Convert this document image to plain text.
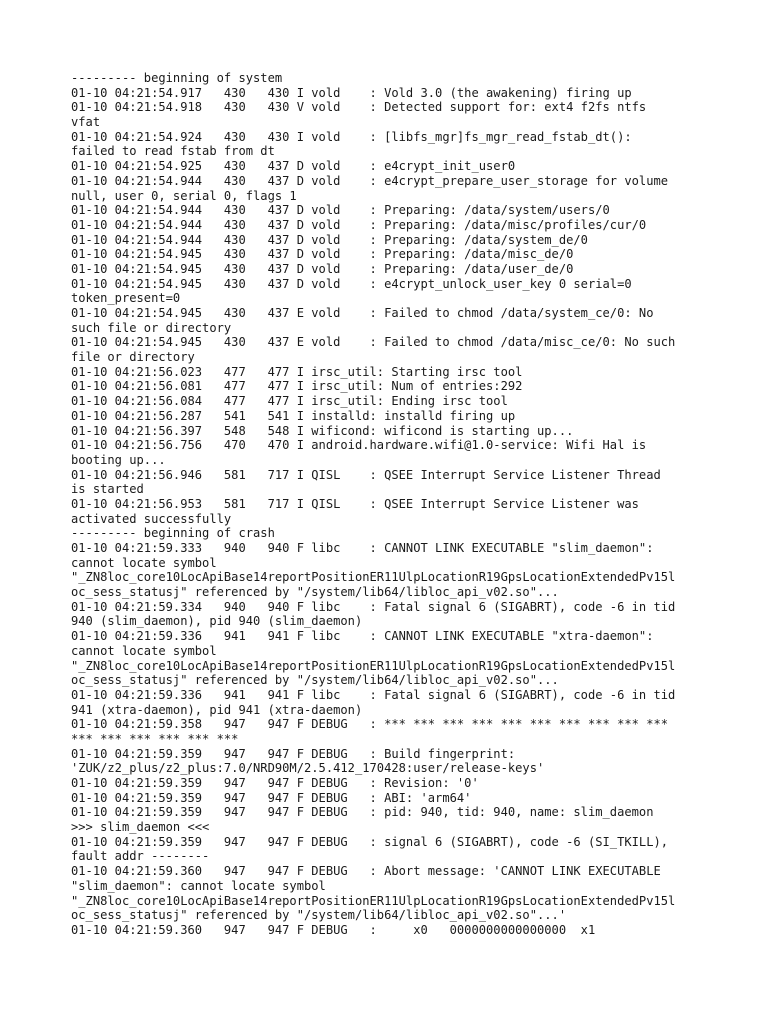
--------- beginning of system
01-10 04:21:54.917   430   430 I vold    : Vold 3.0 (the awakening) firing up
01-10 04:21:54.918   430   430 V vold    : Detected support for: ext4 f2fs ntfs
vfat
01-10 04:21:54.924   430   430 I vold    : [libfs_mgr]fs_mgr_read_fstab_dt():
failed to read fstab from dt
01-10 04:21:54.925   430   437 D vold    : e4crypt_init_user0
01-10 04:21:54.944   430   437 D vold    : e4crypt_prepare_user_storage for volume
null, user 0, serial 0, flags 1
01-10 04:21:54.944   430   437 D vold    : Preparing: /data/system/users/0
01-10 04:21:54.944   430   437 D vold    : Preparing: /data/misc/profiles/cur/0
01-10 04:21:54.944   430   437 D vold    : Preparing: /data/system_de/0
01-10 04:21:54.945   430   437 D vold    : Preparing: /data/misc_de/0
01-10 04:21:54.945   430   437 D vold    : Preparing: /data/user_de/0
01-10 04:21:54.945   430   437 D vold    : e4crypt_unlock_user_key 0 serial=0
token_present=0
01-10 04:21:54.945   430   437 E vold    : Failed to chmod /data/system_ce/0: No
such file or directory
01-10 04:21:54.945   430   437 E vold    : Failed to chmod /data/misc_ce/0: No such
file or directory
01-10 04:21:56.023   477   477 I irsc_util: Starting irsc tool
01-10 04:21:56.081   477   477 I irsc_util: Num of entries:292
01-10 04:21:56.084   477   477 I irsc_util: Ending irsc tool
01-10 04:21:56.287   541   541 I installd: installd firing up
01-10 04:21:56.397   548   548 I wificond: wificond is starting up...
01-10 04:21:56.756   470   470 I android.hardware.wifi@1.0-service: Wifi Hal is
booting up...
01-10 04:21:56.946   581   717 I QISL    : QSEE Interrupt Service Listener Thread
is started
01-10 04:21:56.953   581   717 I QISL    : QSEE Interrupt Service Listener was
activated successfully
--------- beginning of crash
01-10 04:21:59.333   940   940 F libc    : CANNOT LINK EXECUTABLE "slim_daemon":
cannot locate symbol
"_ZN8loc_core10LocApiBase14reportPositionER11UlpLocationR19GpsLocationExtendedPv15l
oc_sess_statusj" referenced by "/system/lib64/libloc_api_v02.so"...
01-10 04:21:59.334   940   940 F libc    : Fatal signal 6 (SIGABRT), code -6 in tid
940 (slim_daemon), pid 940 (slim_daemon)
01-10 04:21:59.336   941   941 F libc    : CANNOT LINK EXECUTABLE "xtra-daemon":
cannot locate symbol
"_ZN8loc_core10LocApiBase14reportPositionER11UlpLocationR19GpsLocationExtendedPv15l
oc_sess_statusj" referenced by "/system/lib64/libloc_api_v02.so"...
01-10 04:21:59.336   941   941 F libc    : Fatal signal 6 (SIGABRT), code -6 in tid
941 (xtra-daemon), pid 941 (xtra-daemon)
01-10 04:21:59.358   947   947 F DEBUG   : *** *** *** *** *** *** *** *** *** ***
*** *** *** *** *** ***
01-10 04:21:59.359   947   947 F DEBUG   : Build fingerprint:
'ZUK/z2_plus/z2_plus:7.0/NRD90M/2.5.412_170428:user/release-keys'
01-10 04:21:59.359   947   947 F DEBUG   : Revision: '0'
01-10 04:21:59.359   947   947 F DEBUG   : ABI: 'arm64'
01-10 04:21:59.359   947   947 F DEBUG   : pid: 940, tid: 940, name: slim_daemon
>>> slim_daemon <<<
01-10 04:21:59.359   947   947 F DEBUG   : signal 6 (SIGABRT), code -6 (SI_TKILL),
fault addr --------
01-10 04:21:59.360   947   947 F DEBUG   : Abort message: 'CANNOT LINK EXECUTABLE
"slim_daemon": cannot locate symbol
"_ZN8loc_core10LocApiBase14reportPositionER11UlpLocationR19GpsLocationExtendedPv15l
oc_sess_statusj" referenced by "/system/lib64/libloc_api_v02.so"...'
01-10 04:21:59.360   947   947 F DEBUG   :     x0   0000000000000000  x1
